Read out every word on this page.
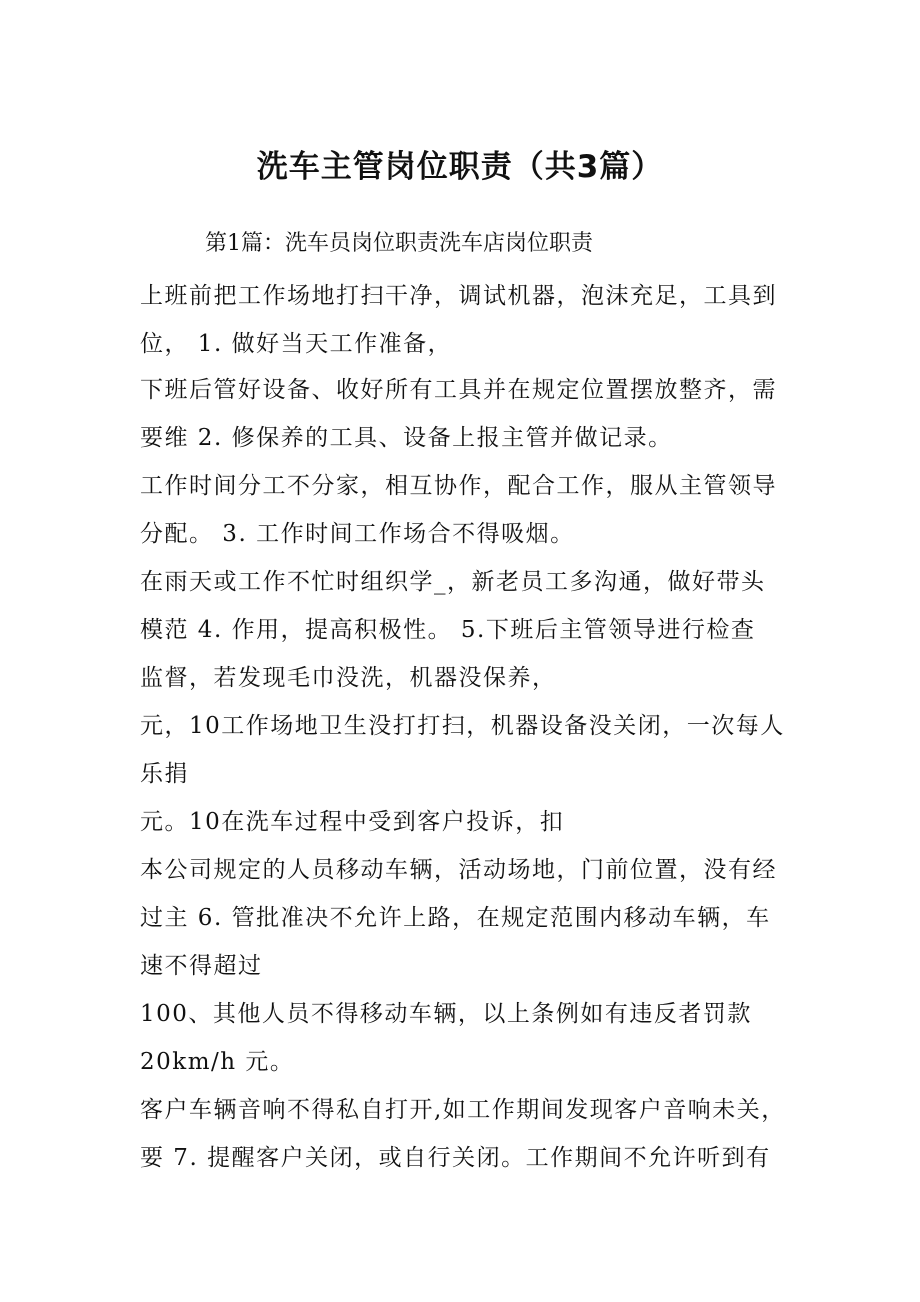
洗车主管岗位职责（共3篇）

第1篇：洗车员岗位职责洗车店岗位职责

上班前把工作场地打扫干净，调试机器，泡沫充足，工具到

位， 1. 做好当天工作准备，

下班后管好设备、收好所有工具并在规定位置摆放整齐，需

要维 2. 修保养的工具、设备上报主管并做记录。

工作时间分工不分家，相互协作，配合工作，服从主管领导

分配。 3. 工作时间工作场合不得吸烟。

在雨天或工作不忙时组织学_，新老员工多沟通，做好带头

模范 4. 作用，提高积极性。 5.下班后主管领导进行检查

监督，若发现毛巾没洗，机器没保养，

元，10工作场地卫生没打打扫，机器设备没关闭，一次每人

乐捐

元。10在洗车过程中受到客户投诉，扣

本公司规定的人员移动车辆，活动场地，门前位置，没有经

过主 6. 管批准决不允许上路，在规定范围内移动车辆，车

速不得超过

100、其他人员不得移动车辆，以上条例如有违反者罚款

20km/h 元。

客户车辆音响不得私自打开,如工作期间发现客户音响未关，

要 7. 提醒客户关闭，或自行关闭。工作期间不允许听到有
